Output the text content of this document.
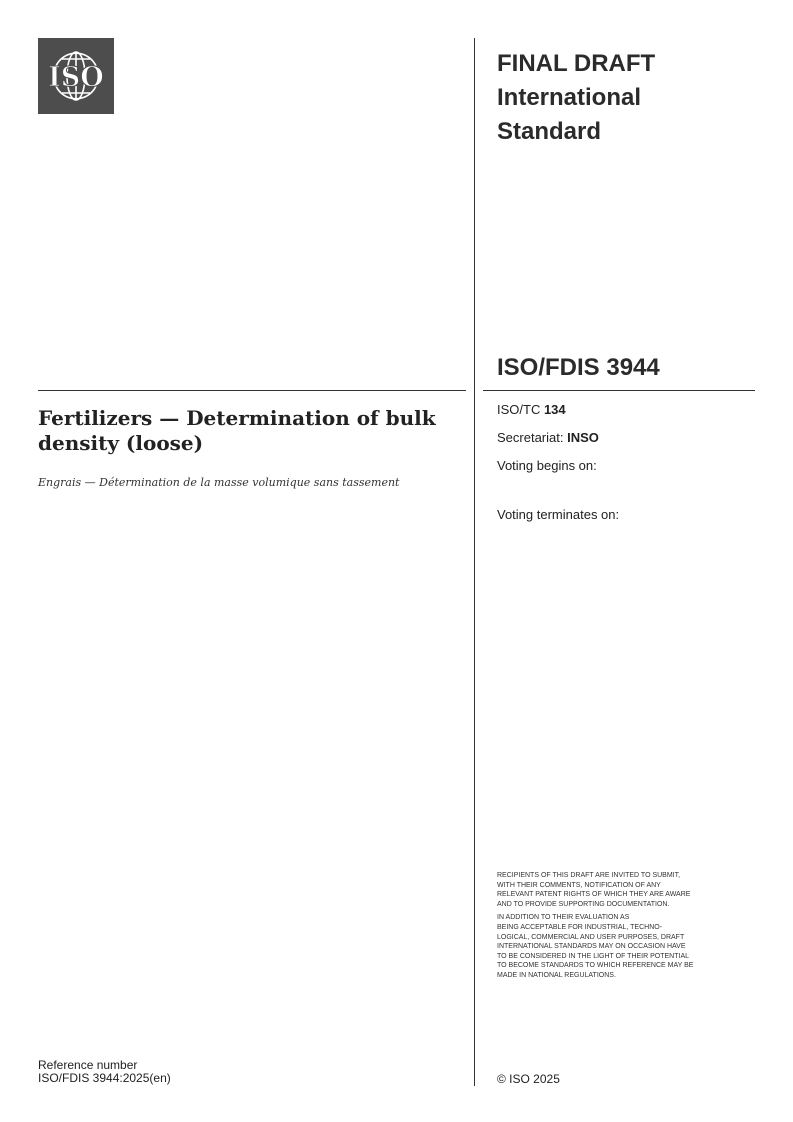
ISO	FINAL DRAFT
International
Standard
ISO/FDIS 3944
ISO/TC 134
Secretariat: INSO
Voting begins on:
Voting terminates on:
Fertilizers — Determination of bulk density (loose)
Engrais — Détermination de la masse volumique sans tassement
RECIPIENTS OF THIS DRAFT ARE INVITED TO SUBMIT,
WITH THEIR COMMENTS, NOTIFICATION OF ANY
RELEVANT PATENT RIGHTS OF WHICH THEY ARE AWARE
AND TO PROVIDE SUPPORTING DOCUMENTATION.
IN ADDITION TO THEIR EVALUATION AS
BEING ACCEPTABLE FOR INDUSTRIAL, TECHNO-
LOGICAL, COMMERCIAL AND USER PURPOSES, DRAFT
INTERNATIONAL STANDARDS MAY ON OCCASION HAVE
TO BE CONSIDERED IN THE LIGHT OF THEIR POTENTIAL
TO BECOME STANDARDS TO WHICH REFERENCE MAY BE
MADE IN NATIONAL REGULATIONS.
Reference number
ISO/FDIS 3944:2025(en)	© ISO 2025
